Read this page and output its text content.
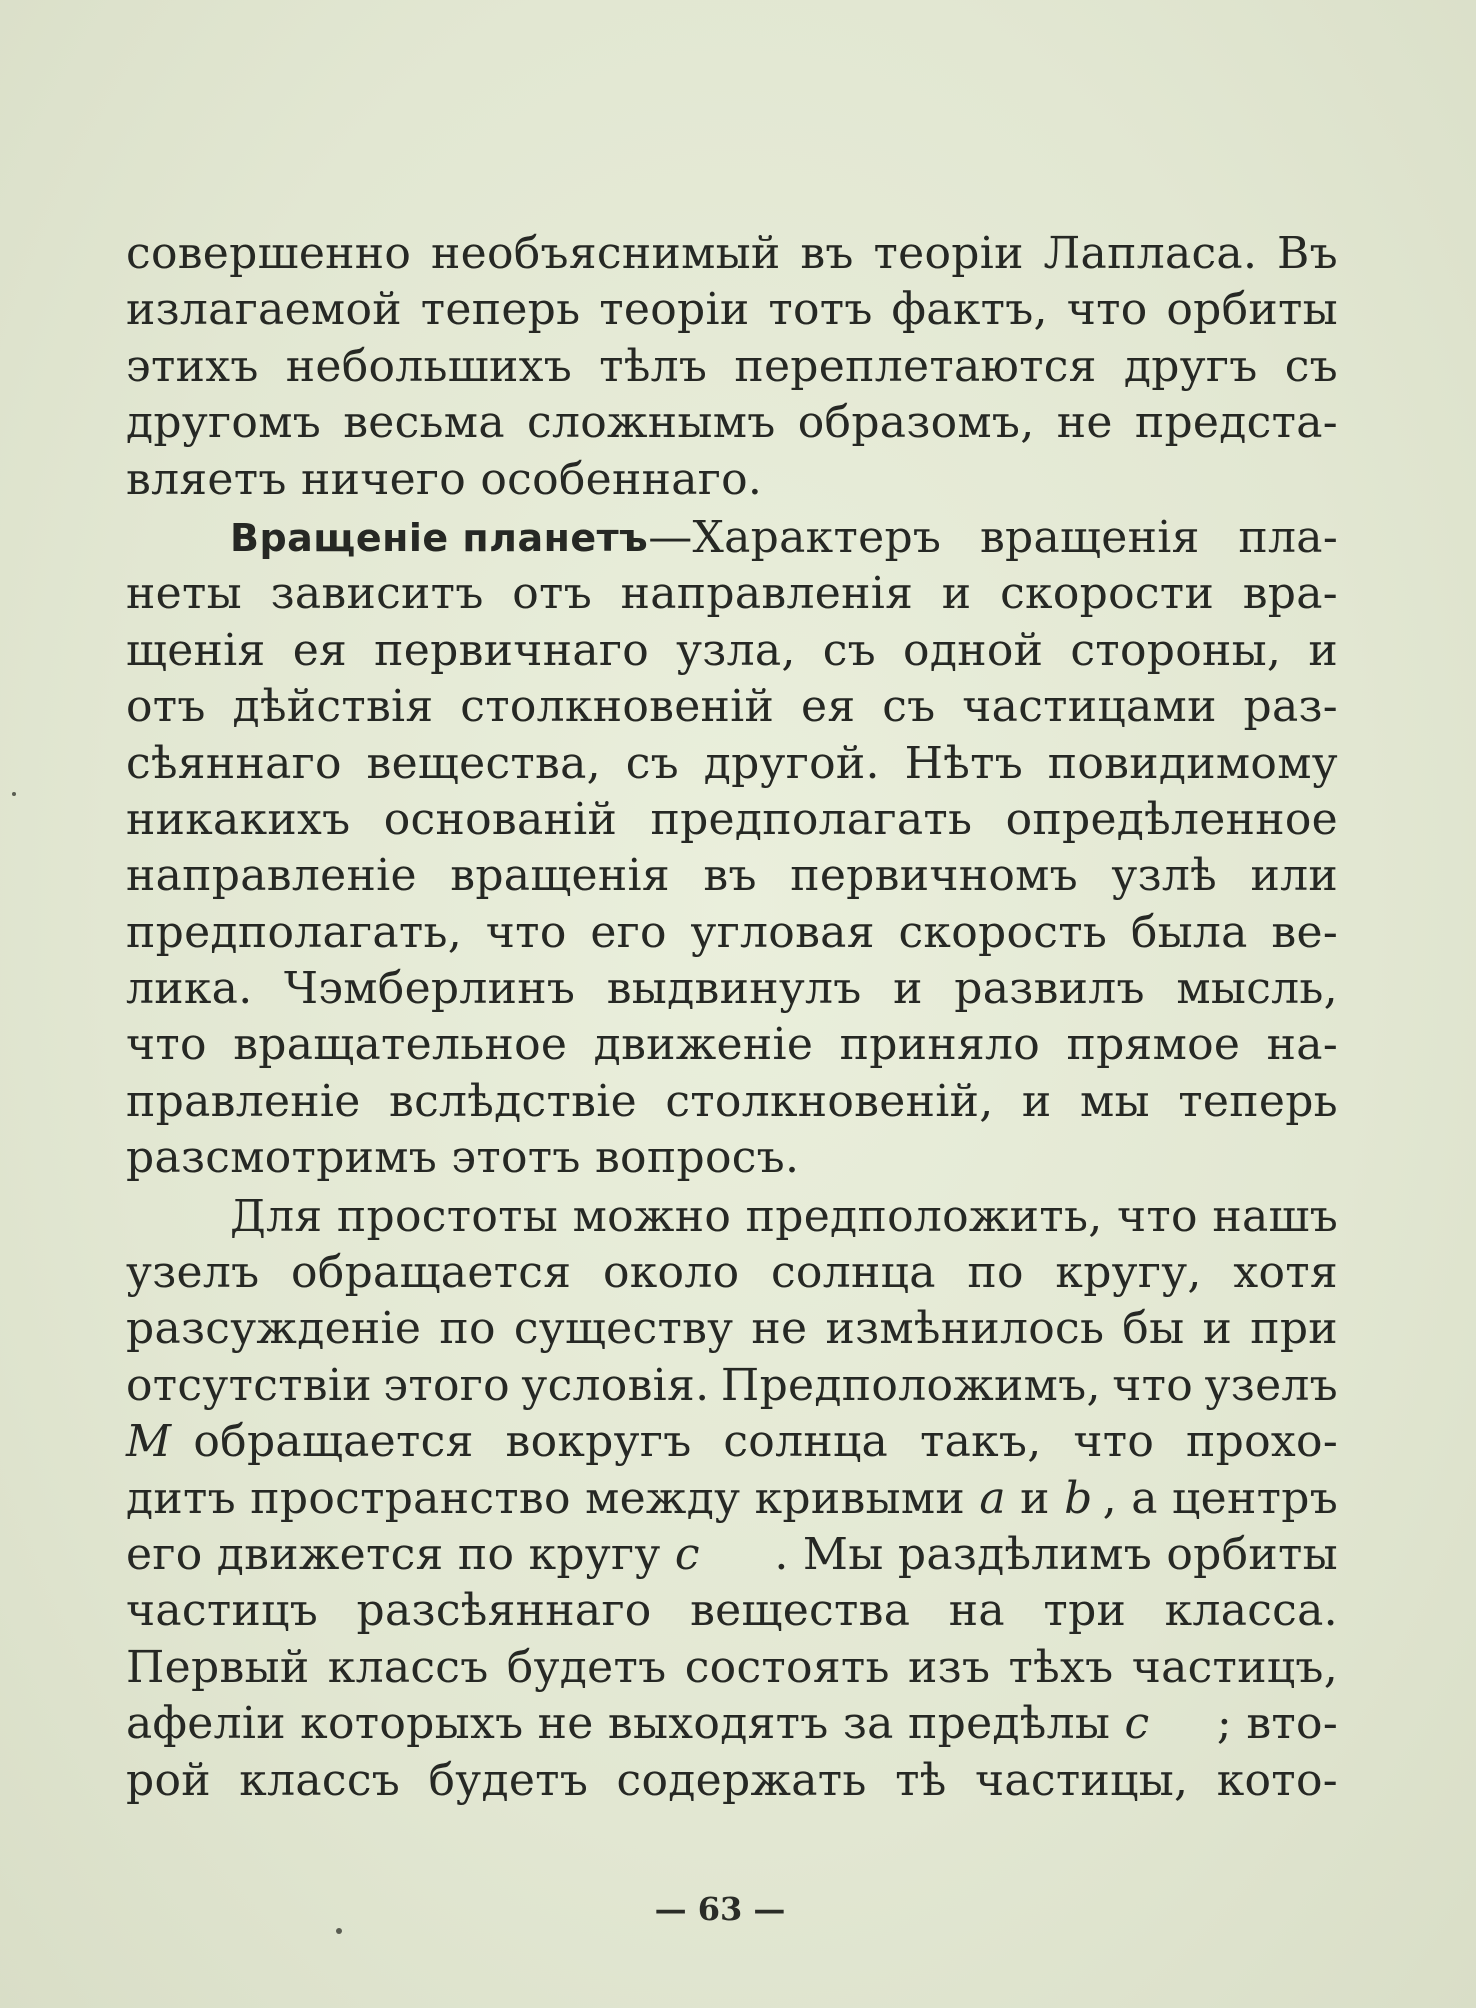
совершенно необъяснимый въ теорiи Лапласа. Въ
излагаемой теперь теорiи тотъ фактъ, что орбиты
этихъ небольшихъ тѣлъ переплетаются другъ съ
другомъ весьма сложнымъ образомъ, не предста-
вляетъ ничего особеннаго.
Вращенiе планетъ —Характеръ вращенiя пла-
неты зависитъ отъ направленiя и скорости вра-
щенiя ея первичнаго узла, съ одной стороны, и
отъ дѣйствiя столкновенiй ея съ частицами раз-
сѣяннаго вещества, съ другой. Нѣтъ повидимому
никакихъ основанiй предполагать опредѣленное
направленiе вращенiя въ первичномъ узлѣ или
предполагать, что его угловая скорость была ве-
лика. Чэмберлинъ выдвинулъ и развилъ мысль,
что вращательное движенiе приняло прямое на-
правленiе вслѣдствiе столкновенiй, и мы теперь
разсмотримъ этотъ вопросъ.
Для простоты можно предположить, что нашъ
узелъ обращается около солнца по кругу, хотя
разсужденiе по существу не измѣнилось бы и при
отсутствiи этого условiя. Предположимъ, что узелъ
M обращается вокругъ солнца такъ, что прохо-
дитъ пространство между кривыми
a
и
b , а центръ
его движется по кругу
c	. Мы раздѣлимъ орбиты
частицъ разсѣяннаго вещества на три класса.
Первый классъ будетъ состоять изъ тѣхъ частицъ,
афелiи которыхъ не выходятъ за предѣлы
c	; вто-
рой классъ будетъ содержать тѣ частицы, кото-
— 63 —
